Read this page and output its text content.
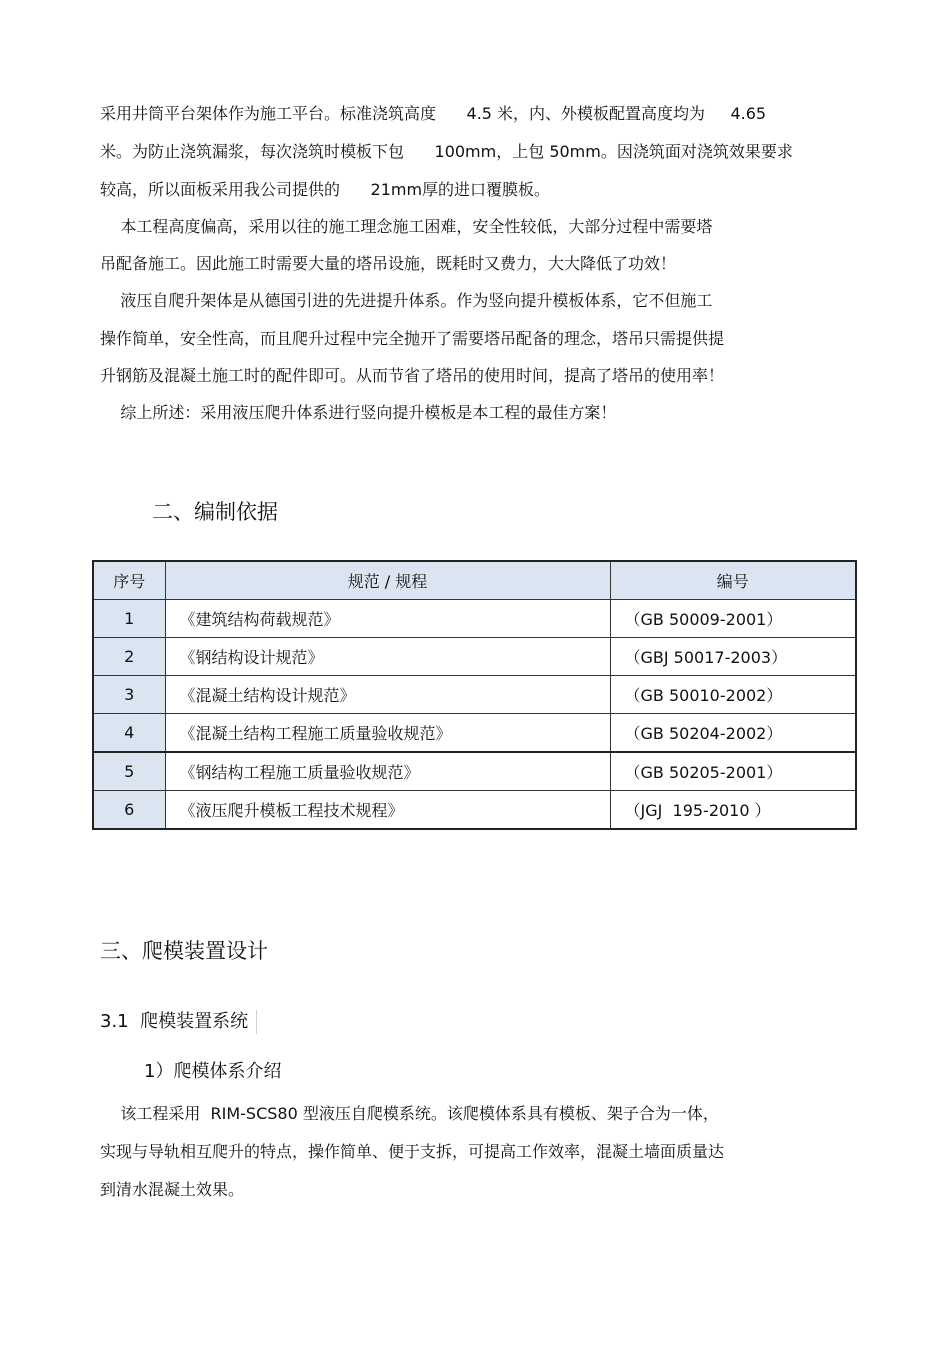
采用井筒平台架体作为施工平台。标准浇筑高度      4.5 米，内、外模板配置高度均为     4.65
米。为防止浇筑漏浆，每次浇筑时模板下包      100mm，上包 50mm。因浇筑面对浇筑效果要求
较高，所以面板采用我公司提供的      21mm厚的进口覆膜板。
本工程高度偏高，采用以往的施工理念施工困难，安全性较低，大部分过程中需要塔
吊配备施工。因此施工时需要大量的塔吊设施，既耗时又费力，大大降低了功效！
液压自爬升架体是从德国引进的先进提升体系。作为竖向提升模板体系，它不但施工
操作简单，安全性高，而且爬升过程中完全抛开了需要塔吊配备的理念，塔吊只需提供提
升钢筋及混凝土施工时的配件即可。从而节省了塔吊的使用时间，提高了塔吊的使用率！
综上所述：采用液压爬升体系进行竖向提升模板是本工程的最佳方案！
二、编制依据
序号	规范 / 规程	编号
1	《建筑结构荷载规范》	（GB 50009-2001）
2	《钢结构设计规范》	（GBJ 50017-2003）
3	《混凝土结构设计规范》	（GB 50010-2002）
4	《混凝土结构工程施工质量验收规范》	（GB 50204-2002）
5	《钢结构工程施工质量验收规范》	（GB 50205-2001）
6	《液压爬升模板工程技术规程》	（JGJ  195-2010 ）
三、爬模装置设计
3.1  爬模装置系统
1）爬模体系介绍
该工程采用  RIM-SCS80 型液压自爬模系统。该爬模体系具有模板、架子合为一体，
实现与导轨相互爬升的特点，操作简单、便于支拆，可提高工作效率，混凝土墙面质量达
到清水混凝土效果。
